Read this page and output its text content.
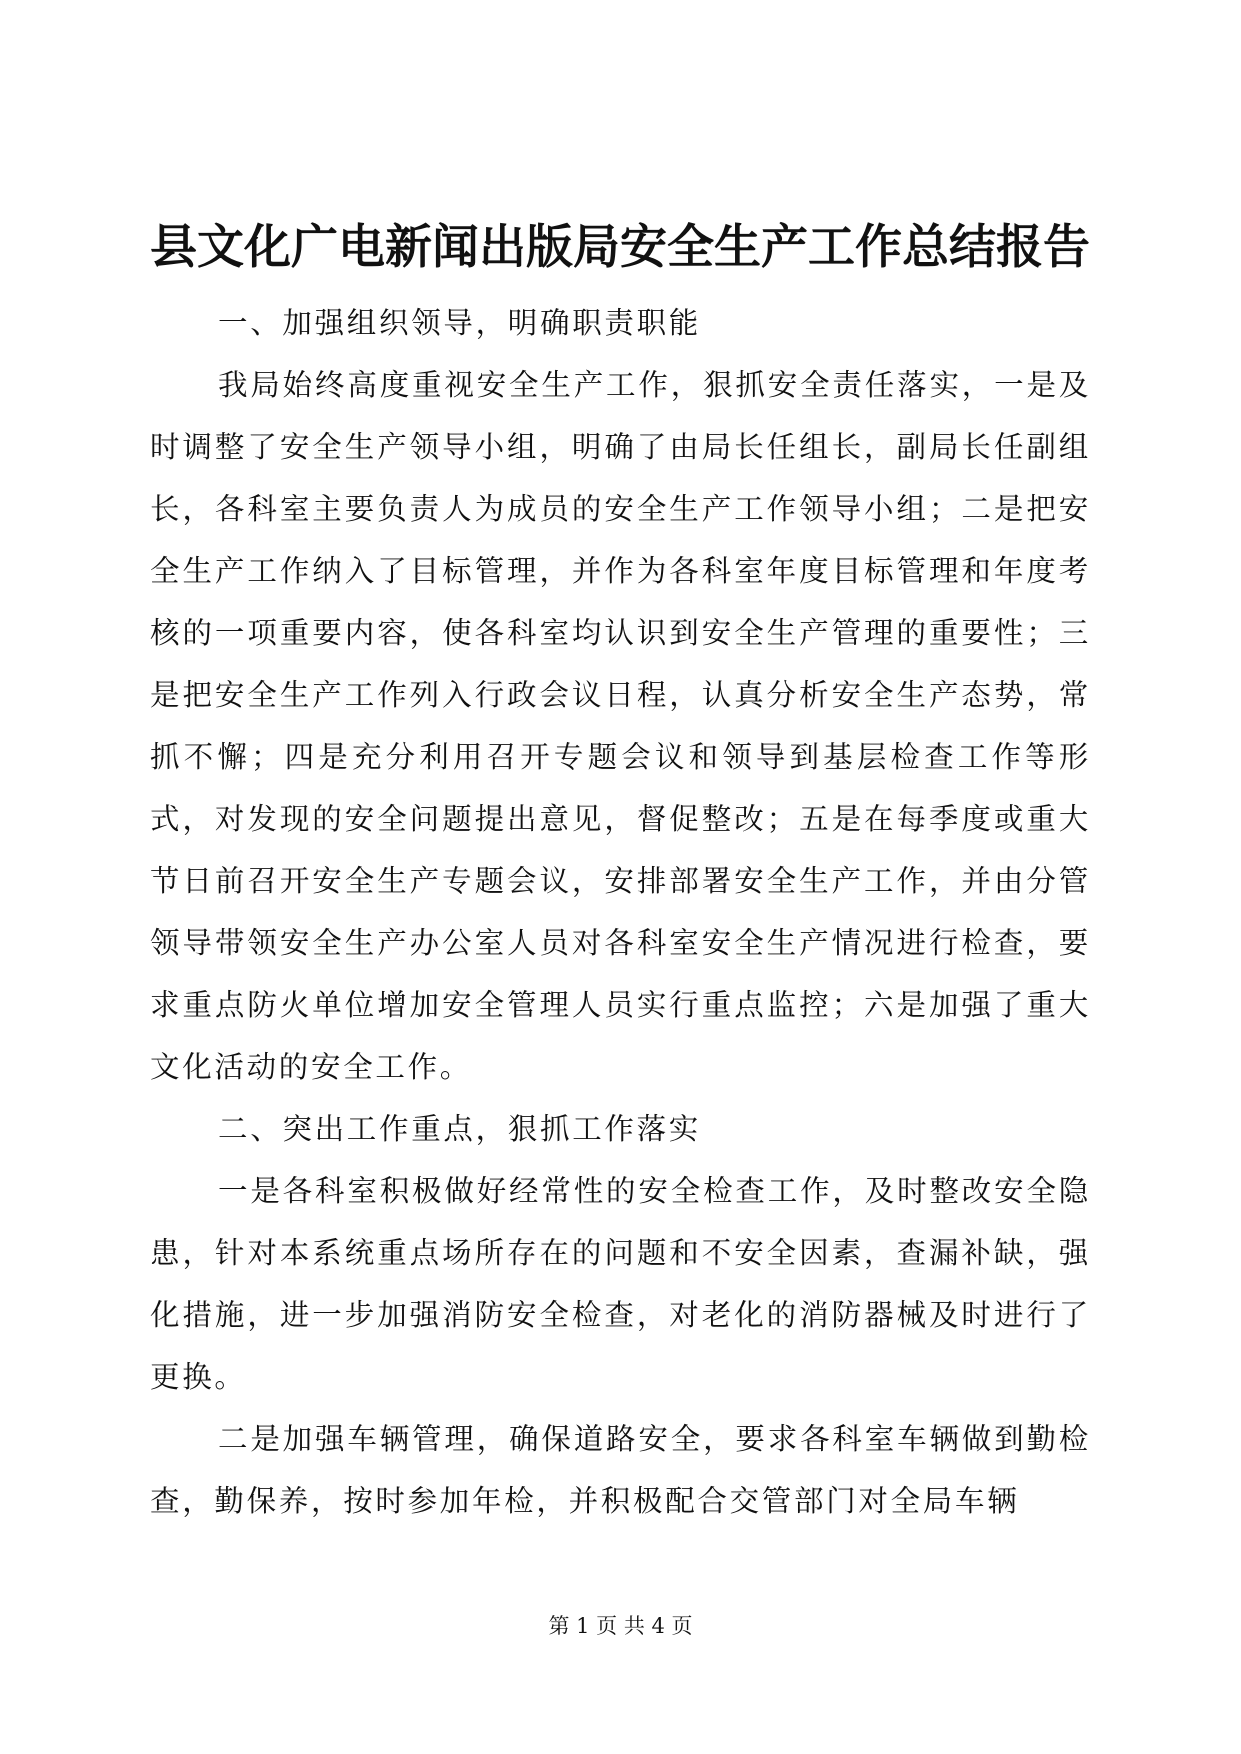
县文化广电新闻出版局安全生产工作总结报告

一、加强组织领导，明确职责职能

我局始终高度重视安全生产工作，狠抓安全责任落实，一是及时调整了安全生产领导小组，明确了由局长任组长，副局长任副组长，各科室主要负责人为成员的安全生产工作领导小组；二是把安全生产工作纳入了目标管理，并作为各科室年度目标管理和年度考核的一项重要内容，使各科室均认识到安全生产管理的重要性；三是把安全生产工作列入行政会议日程，认真分析安全生产态势，常抓不懈；四是充分利用召开专题会议和领导到基层检查工作等形式，对发现的安全问题提出意见，督促整改；五是在每季度或重大节日前召开安全生产专题会议，安排部署安全生产工作，并由分管领导带领安全生产办公室人员对各科室安全生产情况进行检查，要求重点防火单位增加安全管理人员实行重点监控；六是加强了重大文化活动的安全工作。

二、突出工作重点，狠抓工作落实

一是各科室积极做好经常性的安全检查工作，及时整改安全隐患，针对本系统重点场所存在的问题和不安全因素，查漏补缺，强化措施，进一步加强消防安全检查，对老化的消防器械及时进行了更换。

二是加强车辆管理，确保道路安全，要求各科室车辆做到勤检查，勤保养，按时参加年检，并积极配合交管部门对全局车辆

第 1 页 共 4 页
